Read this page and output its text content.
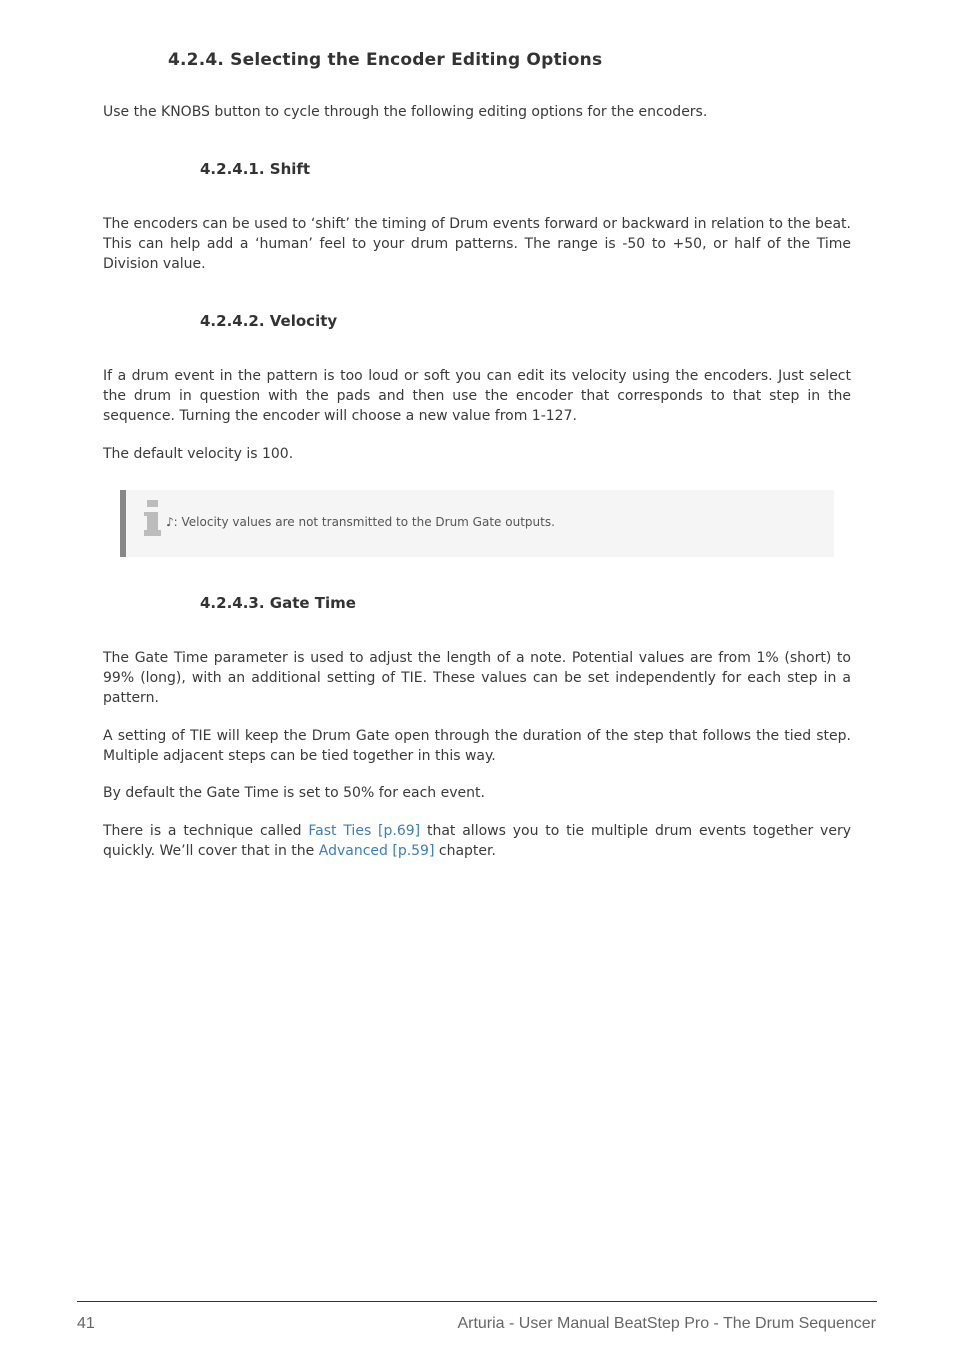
4.2.4. Selecting the Encoder Editing Options

Use the KNOBS button to cycle through the following editing options for the encoders.

4.2.4.1. Shift

The encoders can be used to ‘shift’ the timing of Drum events forward or backward in relation to the beat. This can help add a ‘human’ feel to your drum patterns. The range is -50 to +50, or half of the Time Division value.

4.2.4.2. Velocity

If a drum event in the pattern is too loud or soft you can edit its velocity using the encoders. Just select the drum in question with the pads and then use the encoder that corresponds to that step in the sequence. Turning the encoder will choose a new value from 1-127.

The default velocity is 100.

♪: Velocity values are not transmitted to the Drum Gate outputs.
4.2.4.3. Gate Time

The Gate Time parameter is used to adjust the length of a note. Potential values are from 1% (short) to 99% (long), with an additional setting of TIE. These values can be set independently for each step in a pattern.

A setting of TIE will keep the Drum Gate open through the duration of the step that follows the tied step. Multiple adjacent steps can be tied together in this way.

By default the Gate Time is set to 50% for each event.

There is a technique called Fast Ties [p.69] that allows you to tie multiple drum events together very quickly. We’ll cover that in the Advanced [p.59] chapter.

41	Arturia - User Manual BeatStep Pro - The Drum Sequencer
